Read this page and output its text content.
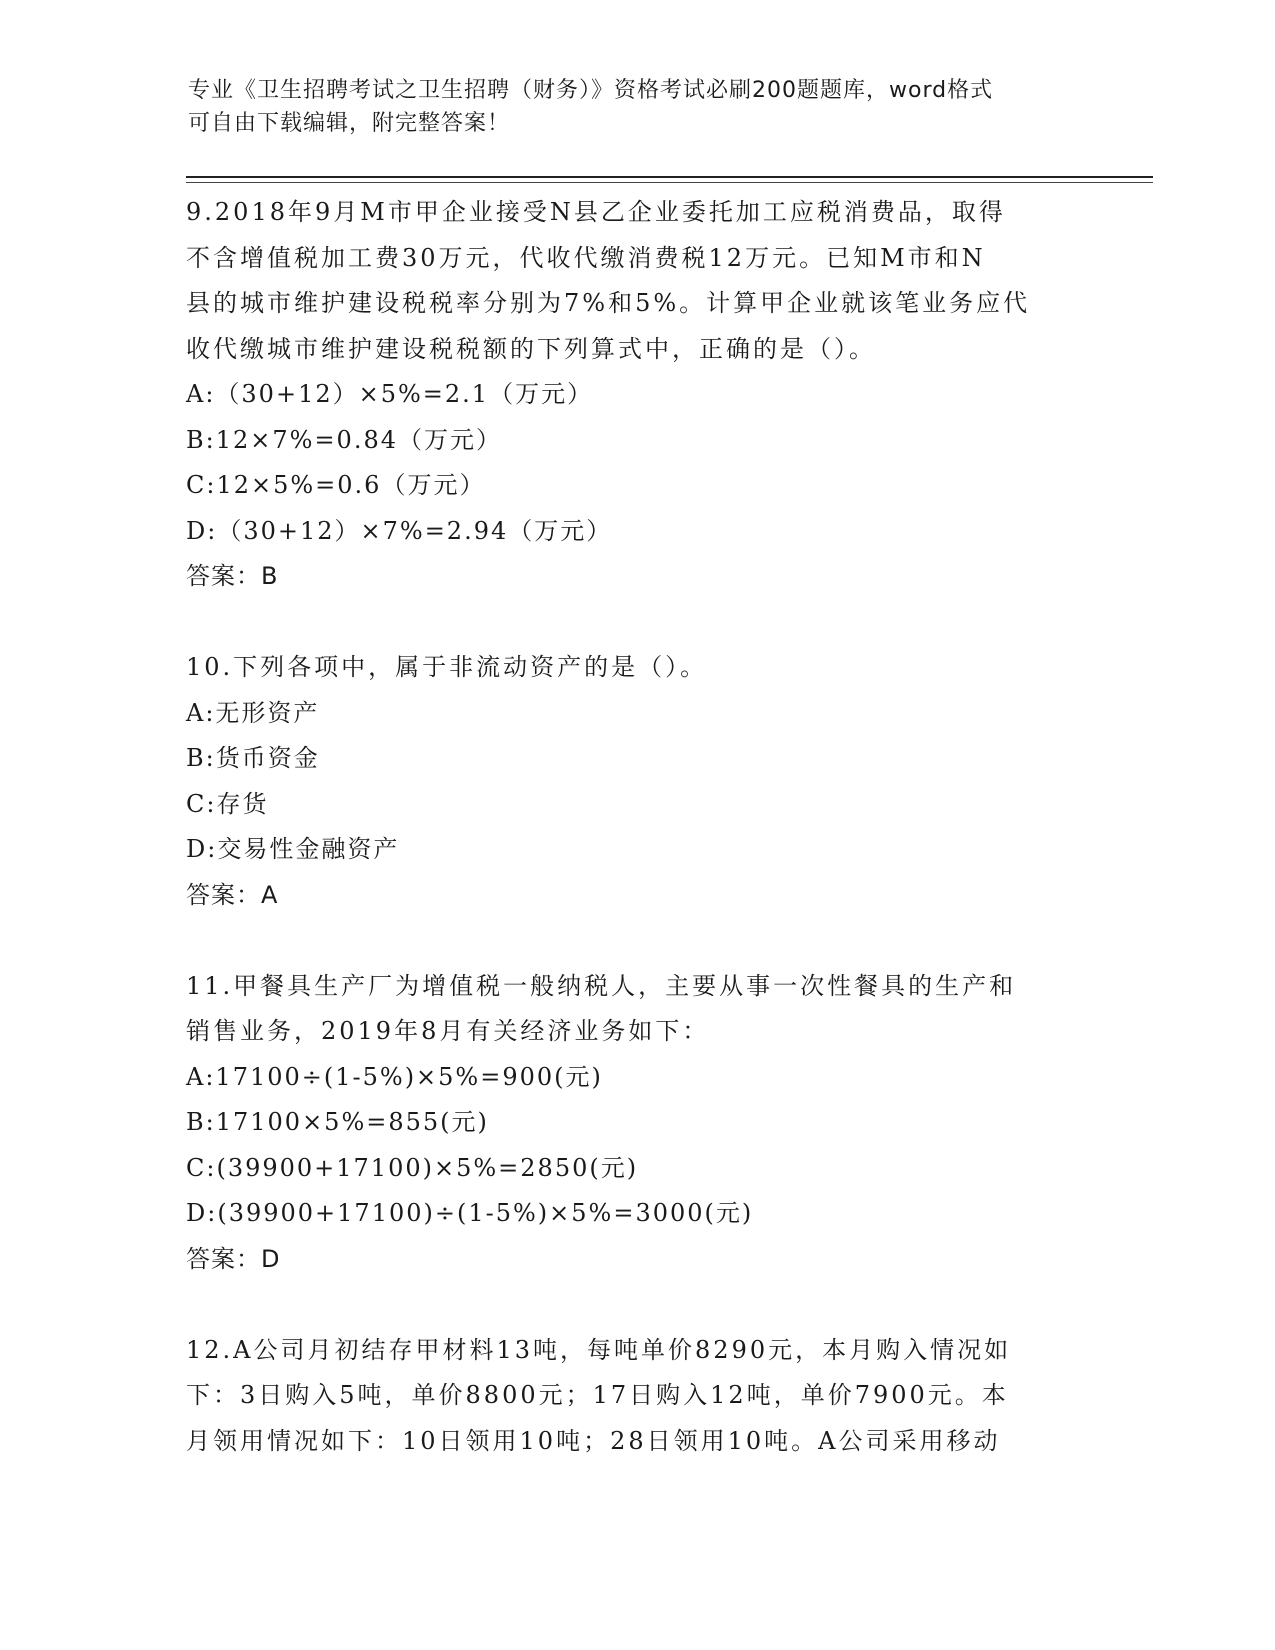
专业《卫生招聘考试之卫生招聘（财务）》资格考试必刷200题题库，word格式
可自由下载编辑，附完整答案！
9.2018年9月M市甲企业接受N县乙企业委托加工应税消费品，取得
不含增值税加工费30万元，代收代缴消费税12万元。已知M市和N
县的城市维护建设税税率分别为7%和5%。计算甲企业就该笔业务应代
收代缴城市维护建设税税额的下列算式中，正确的是（）。
A:（30+12）×5%=2.1（万元）
B:12×7%=0.84（万元）
C:12×5%=0.6（万元）
D:（30+12）×7%=2.94（万元）
答案：B
10.下列各项中，属于非流动资产的是（）。
A:无形资产
B:货币资金
C:存货
D:交易性金融资产
答案：A
11.甲餐具生产厂为增值税一般纳税人，主要从事一次性餐具的生产和
销售业务，2019年8月有关经济业务如下：
A:17100÷(1-5%)×5%=900(元)
B:17100×5%=855(元)
C:(39900+17100)×5%=2850(元)
D:(39900+17100)÷(1-5%)×5%=3000(元)
答案：D
12.A公司月初结存甲材料13吨，每吨单价8290元，本月购入情况如
下：3日购入5吨，单价8800元；17日购入12吨，单价7900元。本
月领用情况如下：10日领用10吨；28日领用10吨。A公司采用移动
